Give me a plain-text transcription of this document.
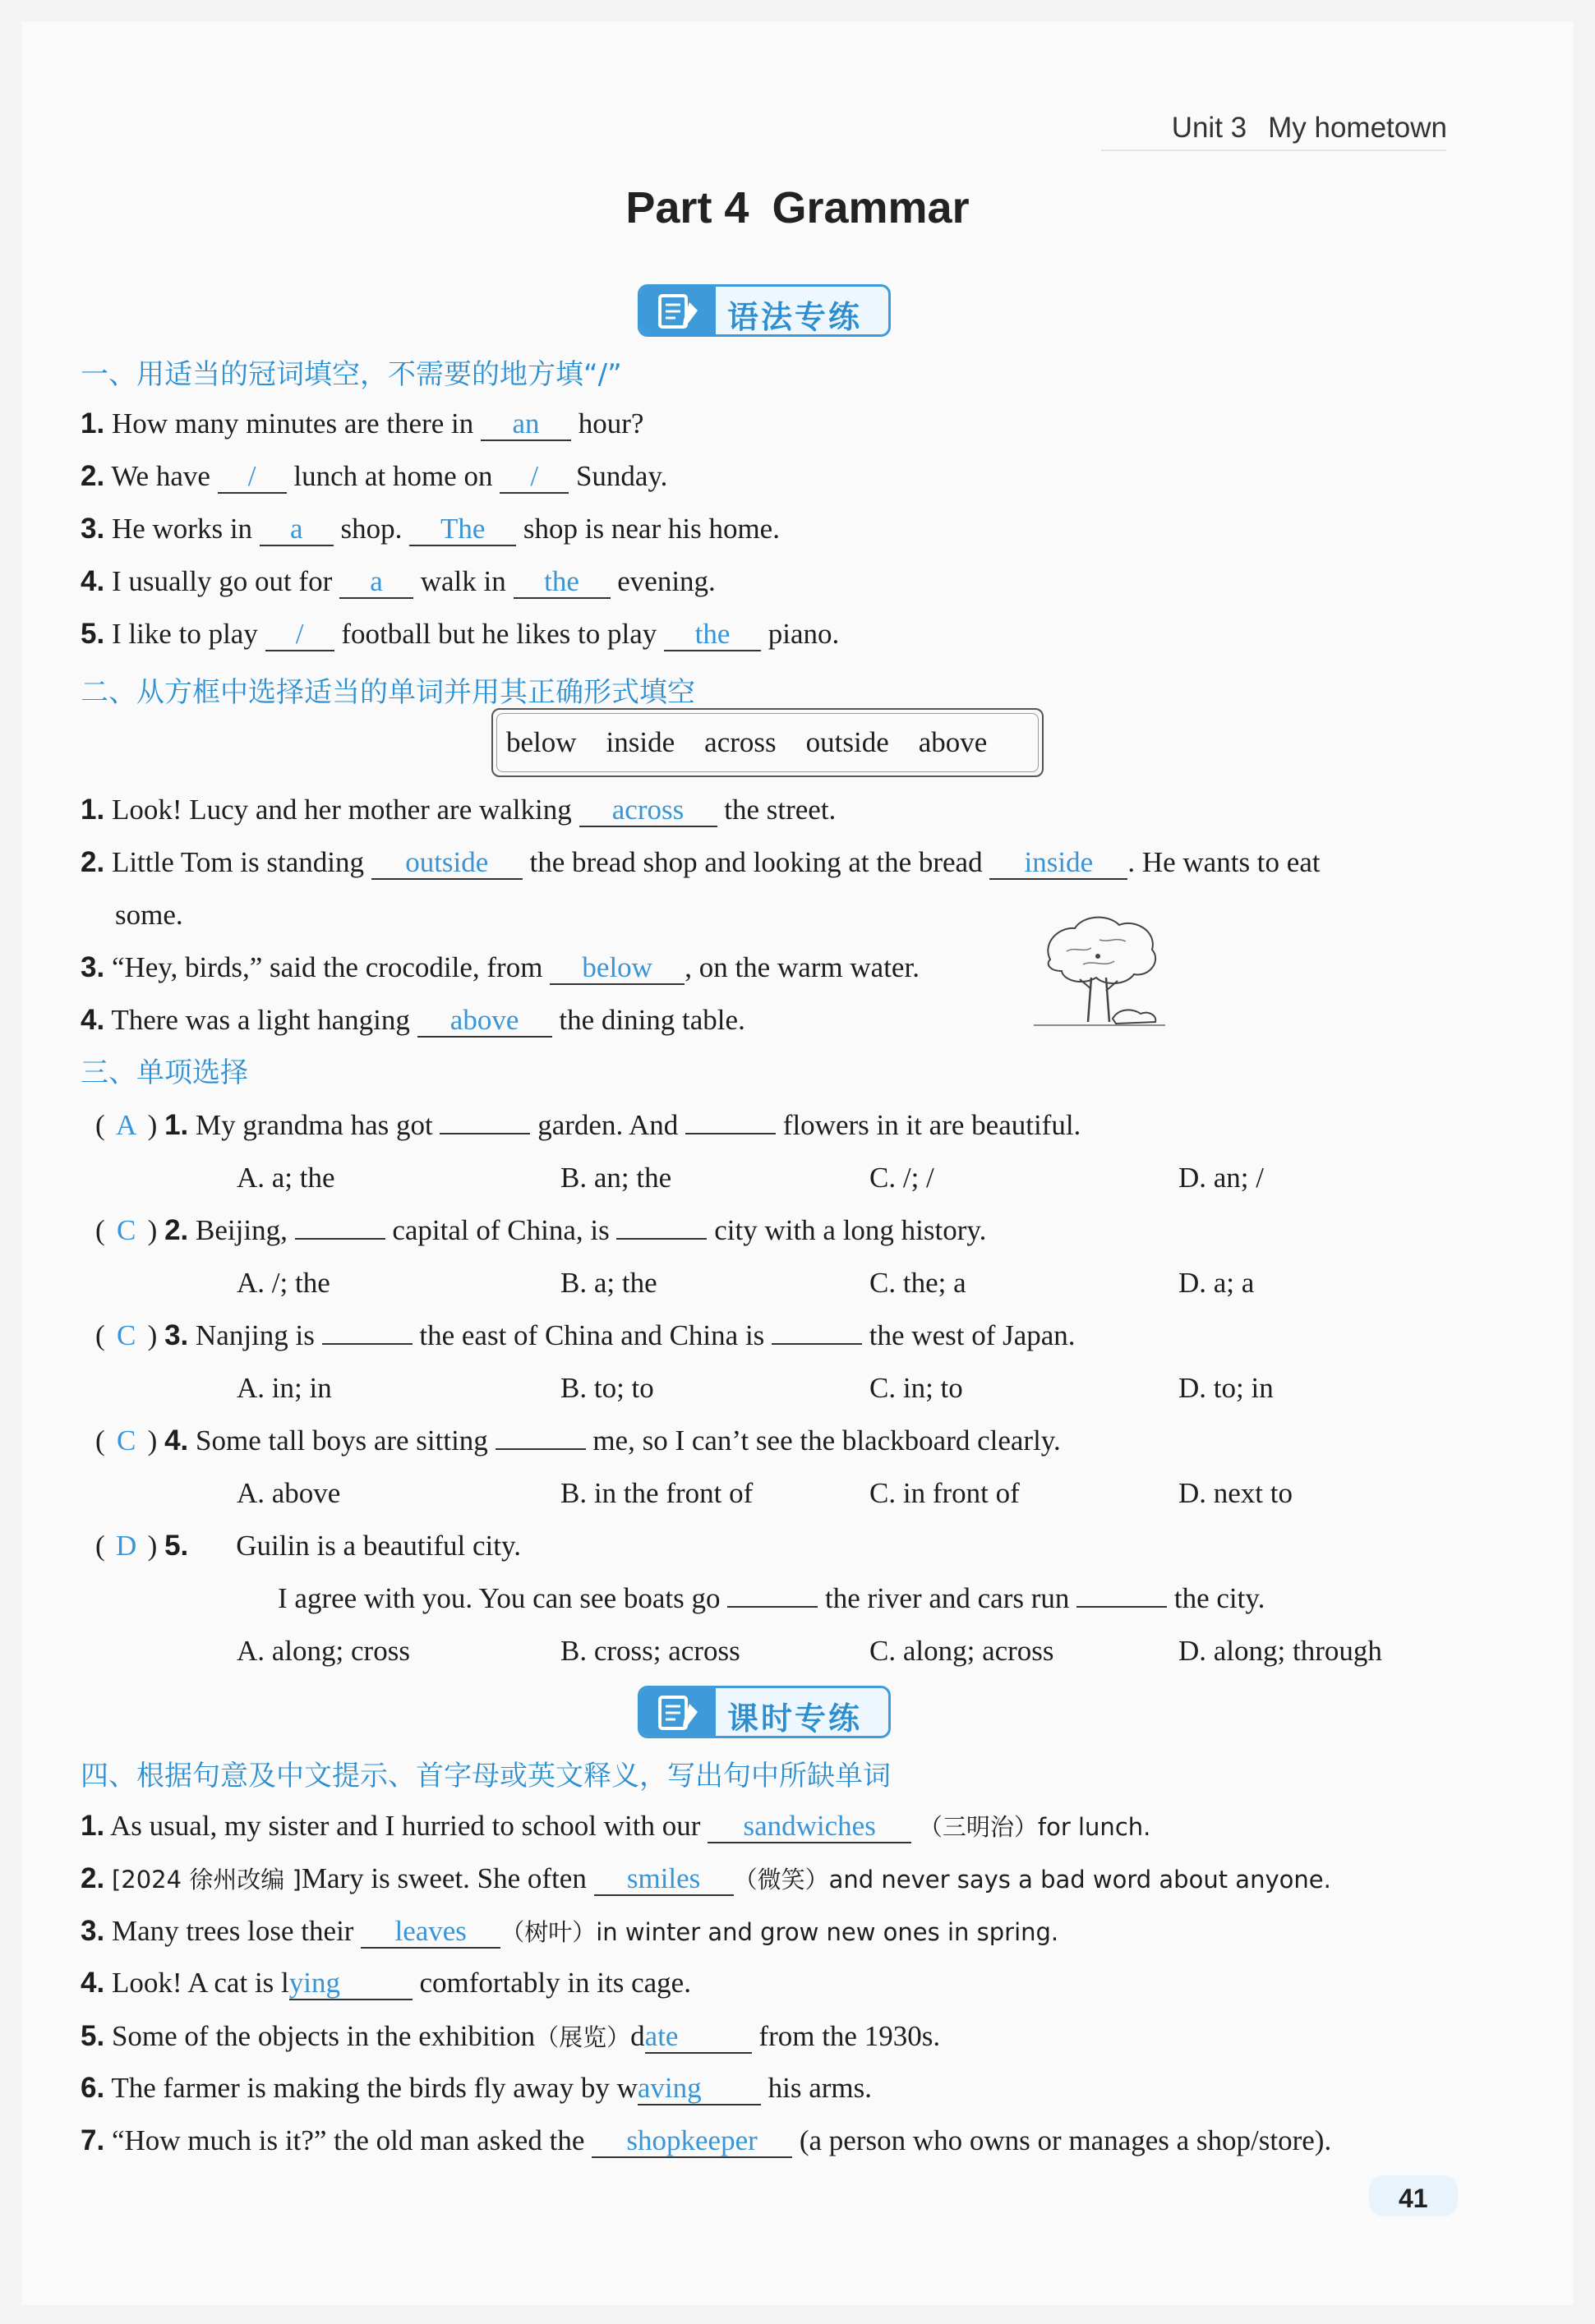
Unit 3 My hometown
Part 4 Grammar
语法专练
一、用适当的冠词填空，不需要的地方填“/”
1. How many minutes are there in an hour?
2. We have / lunch at home on / Sunday.
3. He works in a shop. The shop is near his home.
4. I usually go out for a walk in the evening.
5. I like to play / football but he likes to play the piano.
二、从方框中选择适当的单词并用其正确形式填空
below inside across outside above
1. Look! Lucy and her mother are walking across the street.
2. Little Tom is standing outside the bread shop and looking at the bread inside . He wants to eat
some.
3. “Hey, birds,” said the crocodile, from below , on the warm water.
4. There was a light hanging above the dining table.
三、单项选择
( A ) 1. My grandma has got	garden. And	flowers in it are beautiful.
A. a; the	B. an; the	C. /; /	D. an; /
( C ) 2. Beijing,	capital of China, is	city with a long history.
A. /; the	B. a; the	C. the; a	D. a; a
( C ) 3. Nanjing is	the east of China and China is	the west of Japan.
A. in; in	B. to; to	C. in; to	D. to; in
( C ) 4. Some tall boys are sitting	me, so I can’t see the blackboard clearly.
A. above	B. in the front of	C. in front of	D. next to
( D ) 5. Guilin is a beautiful city.
I agree with you. You can see boats go	the river and cars run	the city.
A. along; cross	B. cross; across	C. along; across	D. along; through
课时专练
四、根据句意及中文提示、首字母或英文释义，写出句中所缺单词
1. As usual, my sister and I hurried to school with our sandwiches （三明治）for lunch.
2. [2024 徐州改编 ]Mary is sweet. She often smiles （微笑）and never says a bad word about anyone.
3. Many trees lose their leaves （树叶）in winter and grow new ones in spring.
4. Look! A cat is lying	comfortably in its cage.
5. Some of the objects in the exhibition（展览）date	from the 1930s.
6. The farmer is making the birds fly away by waving his arms.
7. “How much is it?” the old man asked the shopkeeper (a person who owns or manages a shop/store).
41
